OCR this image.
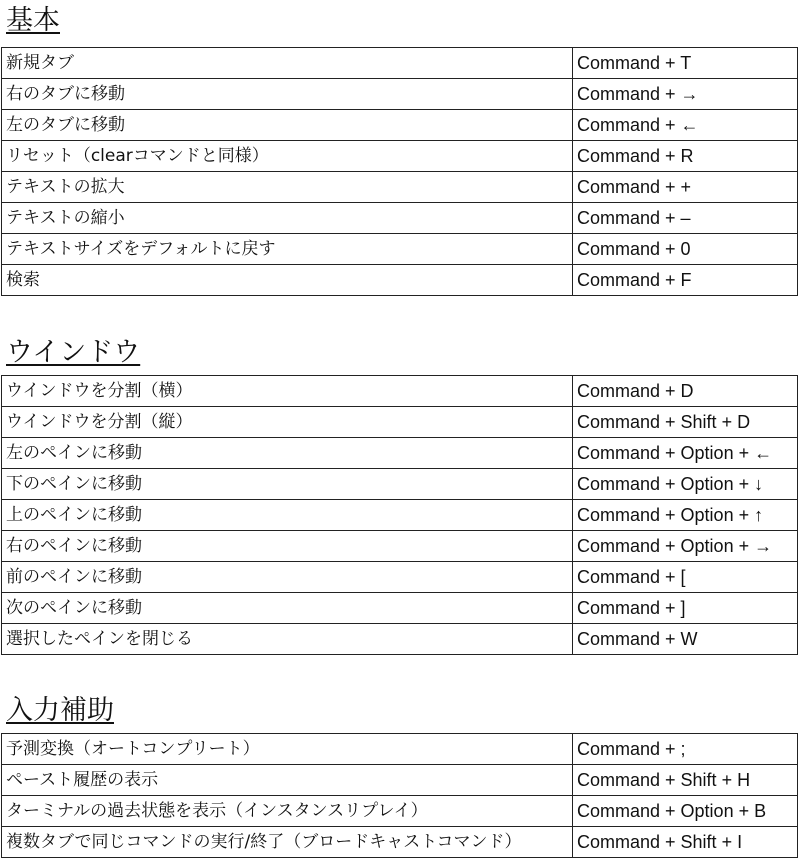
基本
新規タブ	Command + T
右のタブに移動	Command + →
左のタブに移動	Command + ←
リセット（clearコマンドと同様）	Command + R
テキストの拡大	Command + +
テキストの縮小	Command + –
テキストサイズをデフォルトに戻す	Command + 0
検索	Command + F
ウインドウ
ウインドウを分割（横）	Command + D
ウインドウを分割（縦）	Command + Shift + D
左のペインに移動	Command + Option + ←
下のペインに移動	Command + Option + ↓
上のペインに移動	Command + Option + ↑
右のペインに移動	Command + Option + →
前のペインに移動	Command + [
次のペインに移動	Command + ]
選択したペインを閉じる	Command + W
入力補助
予測変換（オートコンプリート）	Command + ;
ペースト履歴の表示	Command + Shift + H
ターミナルの過去状態を表示（インスタンスリプレイ）	Command + Option + B
複数タブで同じコマンドの実行/終了（ブロードキャストコマンド）	Command + Shift + I
